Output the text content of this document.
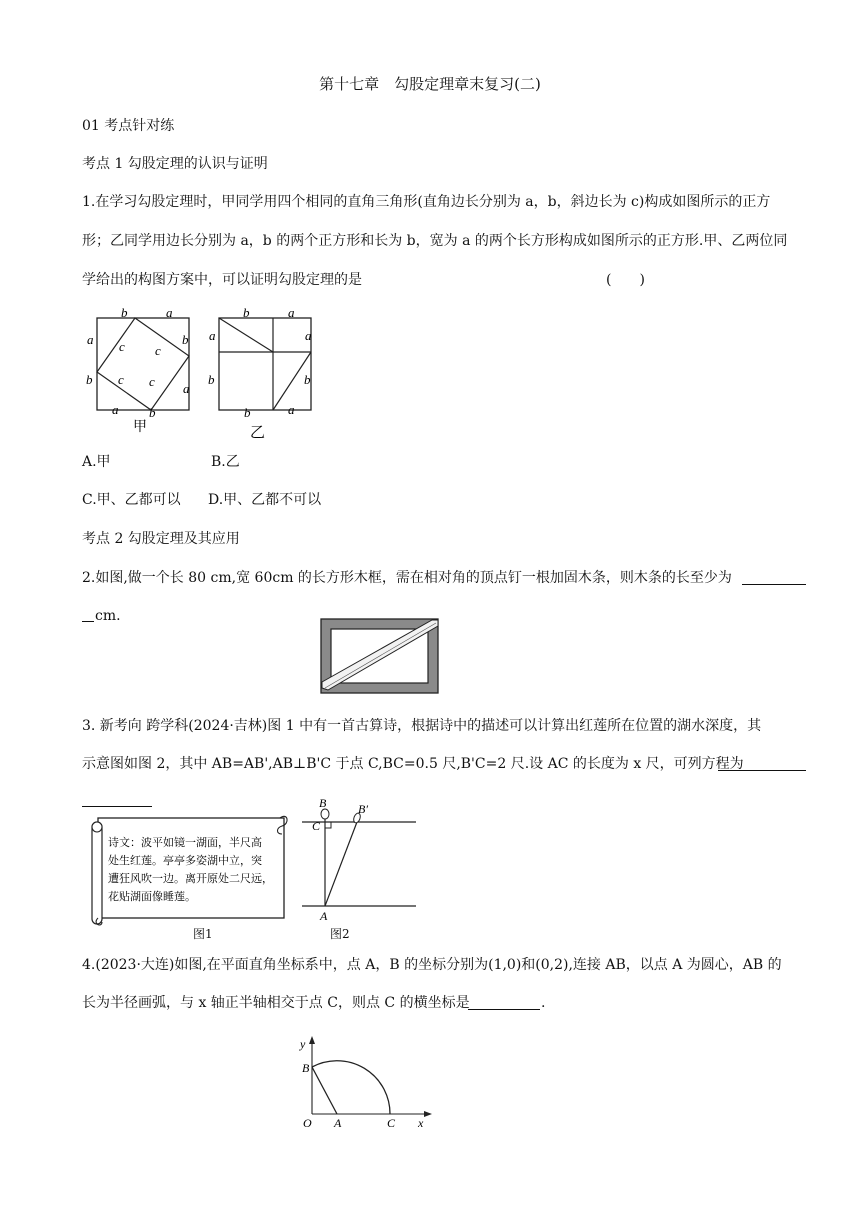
第十七章　勾股定理章末复习(二)
01 考点针对练
考点 1 勾股定理的认识与证明
1.在学习勾股定理时，甲同学用四个相同的直角三角形(直角边长分别为 a，b，斜边长为 c)构成如图所示的正方
形；乙同学用边长分别为 a，b 的两个正方形和长为 b，宽为 a 的两个长方形构成如图所示的正方形.甲、乙两位同
学给出的构图方案中，可以证明勾股定理的是	(　　)
b	a
a
b
b
a
a b
c c
c c
甲
b	a
a
b
a
b
b	a
乙
A.甲	B.乙
C.甲、乙都可以 D.甲、乙都不可以
考点 2 勾股定理及其应用
2.如图,做一个长 80 cm,宽 60cm 的长方形木框，需在相对角的顶点钉一根加固木条，则木条的长至少为
cm.
3. 新考向 跨学科(2024·吉林)图 1 中有一首古算诗，根据诗中的描述可以计算出红莲所在位置的湖水深度，其
示意图如图 2，其中 AB=AB',AB⊥B'C 于点 C,BC=0.5 尺,B'C=2 尺.设 AC 的长度为 x 尺，可列方程为
诗文：波平如镜一湖面，半尺高
处生红莲。亭亭多姿湖中立，突
遭狂风吹一边。离开原处二尺远，
花贴湖面像睡莲。
图1
B	B′
C
A
图2
4.(2023·大连)如图,在平面直角坐标系中，点 A，B 的坐标分别为(1,0)和(0,2),连接 AB，以点 A 为圆心，AB 的
长为半径画弧，与 x 轴正半轴相交于点 C，则点 C 的横坐标是	.
y
x
O A
B
C
